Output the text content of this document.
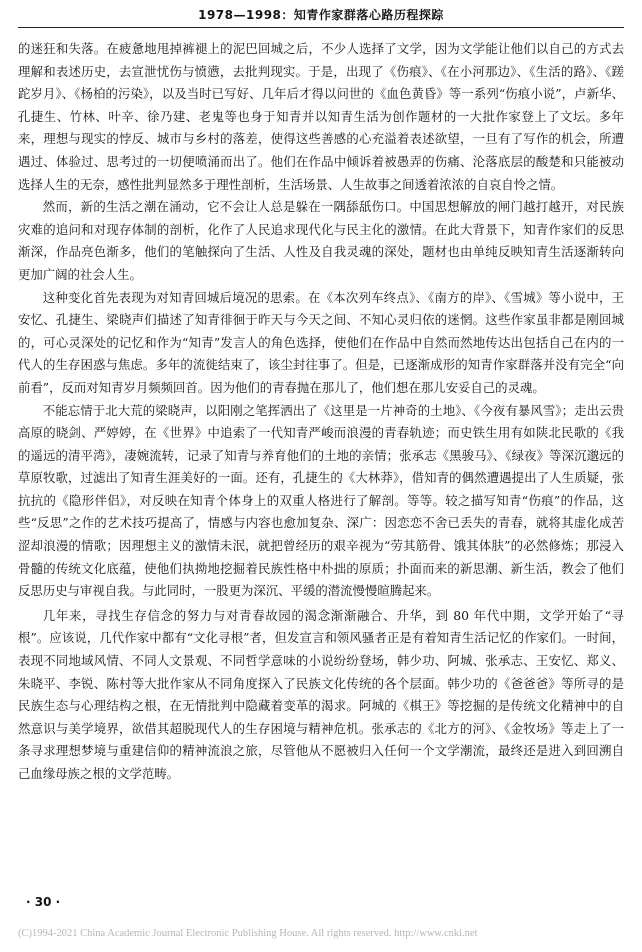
1978—1998：知青作家群落心路历程探踪

的迷狂和失落。在疲惫地甩掉裤褪上的泥巴回城之后，不少人选择了文学，因为文学能让他们以自己的方式去理解和表述历史，去宣泄忧伤与愤懑，去批判现实。于是，出现了《伤痕》、《在小河那边》、《生活的路》、《蹉跎岁月》、《杨柏的污染》，以及当时已写好、几年后才得以问世的《血色黄昏》等一系列“伤痕小说”，卢新华、孔捷生、竹林、叶辛、徐乃建、老鬼等也身于知青并以知青生活为创作题材的一大批作家登上了文坛。多年来，理想与现实的悖反、城市与乡村的落差，使得这些善感的心充溢着表述欲望，一旦有了写作的机会，所遭遇过、体验过、思考过的一切便喷涌而出了。他们在作品中倾诉着被愚弄的伤痛、沦落底层的酸楚和只能被动选择人生的无奈，感性批判显然多于理性剖析，生活场景、人生故事之间透着浓浓的自哀自怜之情。

然而，新的生活之潮在涌动，它不会让人总是躲在一隅舔舐伤口。中国思想解放的闸门越打越开，对民族灾难的追问和对现存体制的剖析，化作了人民追求现代化与民主化的激情。在此大背景下，知青作家们的反思渐深，作品亮色渐多，他们的笔触探向了生活、人性及自我灵魂的深处，题材也由单纯反映知青生活逐渐转向更加广阔的社会人生。

这种变化首先表现为对知青回城后境况的思索。在《本次列车终点》、《南方的岸》、《雪城》等小说中，王安忆、孔捷生、梁晓声们描述了知青徘徊于昨天与今天之间、不知心灵归依的迷惘。这些作家虽非都是刚回城的，可心灵深处的记忆和作为“知青”发言人的角色选择，使他们在作品中自然而然地传达出包括自己在内的一代人的生存困惑与焦虑。多年的流徙结束了，该尘封往事了。但是，已逐渐成形的知青作家群落并没有完全“向前看”，反而对知青岁月频频回首。因为他们的青春抛在那儿了，他们想在那儿安妥自己的灵魂。

不能忘情于北大荒的梁晓声，以阳刚之笔挥洒出了《这里是一片神奇的土地》、《今夜有暴风雪》；走出云贵高原的晓剑、严婷婷，在《世界》中追索了一代知青严峻而浪漫的青春轨迹；而史铁生用有如陕北民歌的《我的遥远的清平湾》，凄婉流转，记录了知青与养育他们的土地的亲情；张承志《黑骏马》、《绿夜》等深沉邈远的草原牧歌，过滤出了知青生涯美好的一面。还有，孔捷生的《大林莽》，借知青的偶然遭遇提出了人生质疑，张抗抗的《隐形伴侣》，对反映在知青个体身上的双重人格进行了解剖。等等。较之描写知青“伤痕”的作品，这些“反思”之作的艺术技巧提高了，情感与内容也愈加复杂、深广：因恋恋不舍已丢失的青春，就将其虚化成苦涩却浪漫的情歌；因理想主义的激情未泯，就把曾经历的艰辛视为“劳其筋骨、饿其体肤”的必然修炼；那浸入骨髓的传统文化底蕴，使他们执拗地挖掘着民族性格中朴拙的原质；扑面而来的新思潮、新生活，教会了他们反思历史与审视自我。与此同时，一股更为深沉、平缓的潜流慢慢暄腾起来。

几年来，寻找生存信念的努力与对青春故园的渴念渐渐融合、升华，到 80 年代中期，文学开始了“寻根”。应该说，几代作家中都有“文化寻根”者，但发宣言和领风骚者正是有着知青生活记忆的作家们。一时间，表现不同地域风情、不同人文景观、不同哲学意味的小说纷纷登场，韩少功、阿城、张承志、王安忆、郑义、朱晓平、李锐、陈村等大批作家从不同角度探入了民族文化传统的各个层面。韩少功的《爸爸爸》等所寻的是民族生态与心理结构之根，在无情批判中隐藏着变革的渴求。阿城的《棋王》等挖掘的是传统文化精神中的自然意识与美学境界，欲借其超脱现代人的生存困境与精神危机。张承志的《北方的河》、《金牧场》等走上了一条寻求理想梦境与重建信仰的精神流浪之旅，尽管他从不愿被归入任何一个文学潮流，最终还是进入到回溯自己血缘母族之根的文学范畴。

· 30 ·
(C)1994-2021 China Academic Journal Electronic Publishing House. All rights reserved. http://www.cnki.net
